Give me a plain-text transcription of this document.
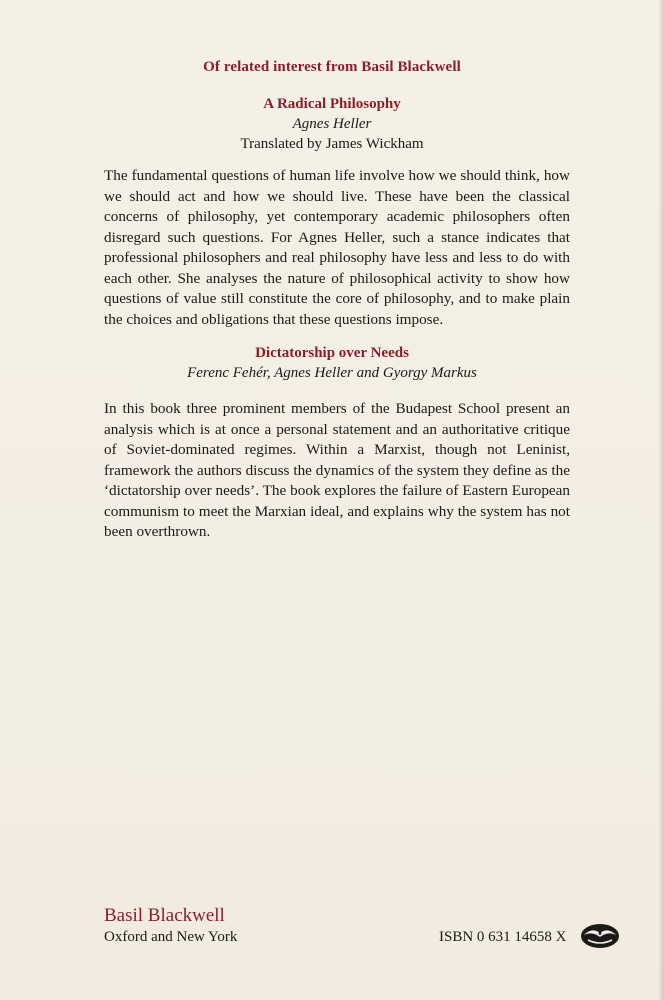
Of related interest from Basil Blackwell
A Radical Philosophy
Agnes Heller
Translated by James Wickham
The fundamental questions of human life involve how we should think, how we should act and how we should live. These have been the classical concerns of philosophy, yet contemporary academic philosophers often disregard such questions. For Agnes Heller, such a stance indicates that professional philosophers and real philosophy have less and less to do with each other. She analyses the nature of philosophical activity to show how questions of value still constitute the core of philosophy, and to make plain the choices and obligations that these questions impose.
Dictatorship over Needs
Ferenc Fehér, Agnes Heller and Gyorgy Markus
In this book three prominent members of the Budapest School present an analysis which is at once a personal statement and an authoritative critique of Soviet-dominated regimes. Within a Marxist, though not Leninist, framework the authors discuss the dynamics of the system they define as the ‘dictatorship over needs’. The book explores the failure of Eastern European communism to meet the Marxian ideal, and explains why the system has not been overthrown.
Basil Blackwell
Oxford and New York	ISBN 0 631 14658 X
